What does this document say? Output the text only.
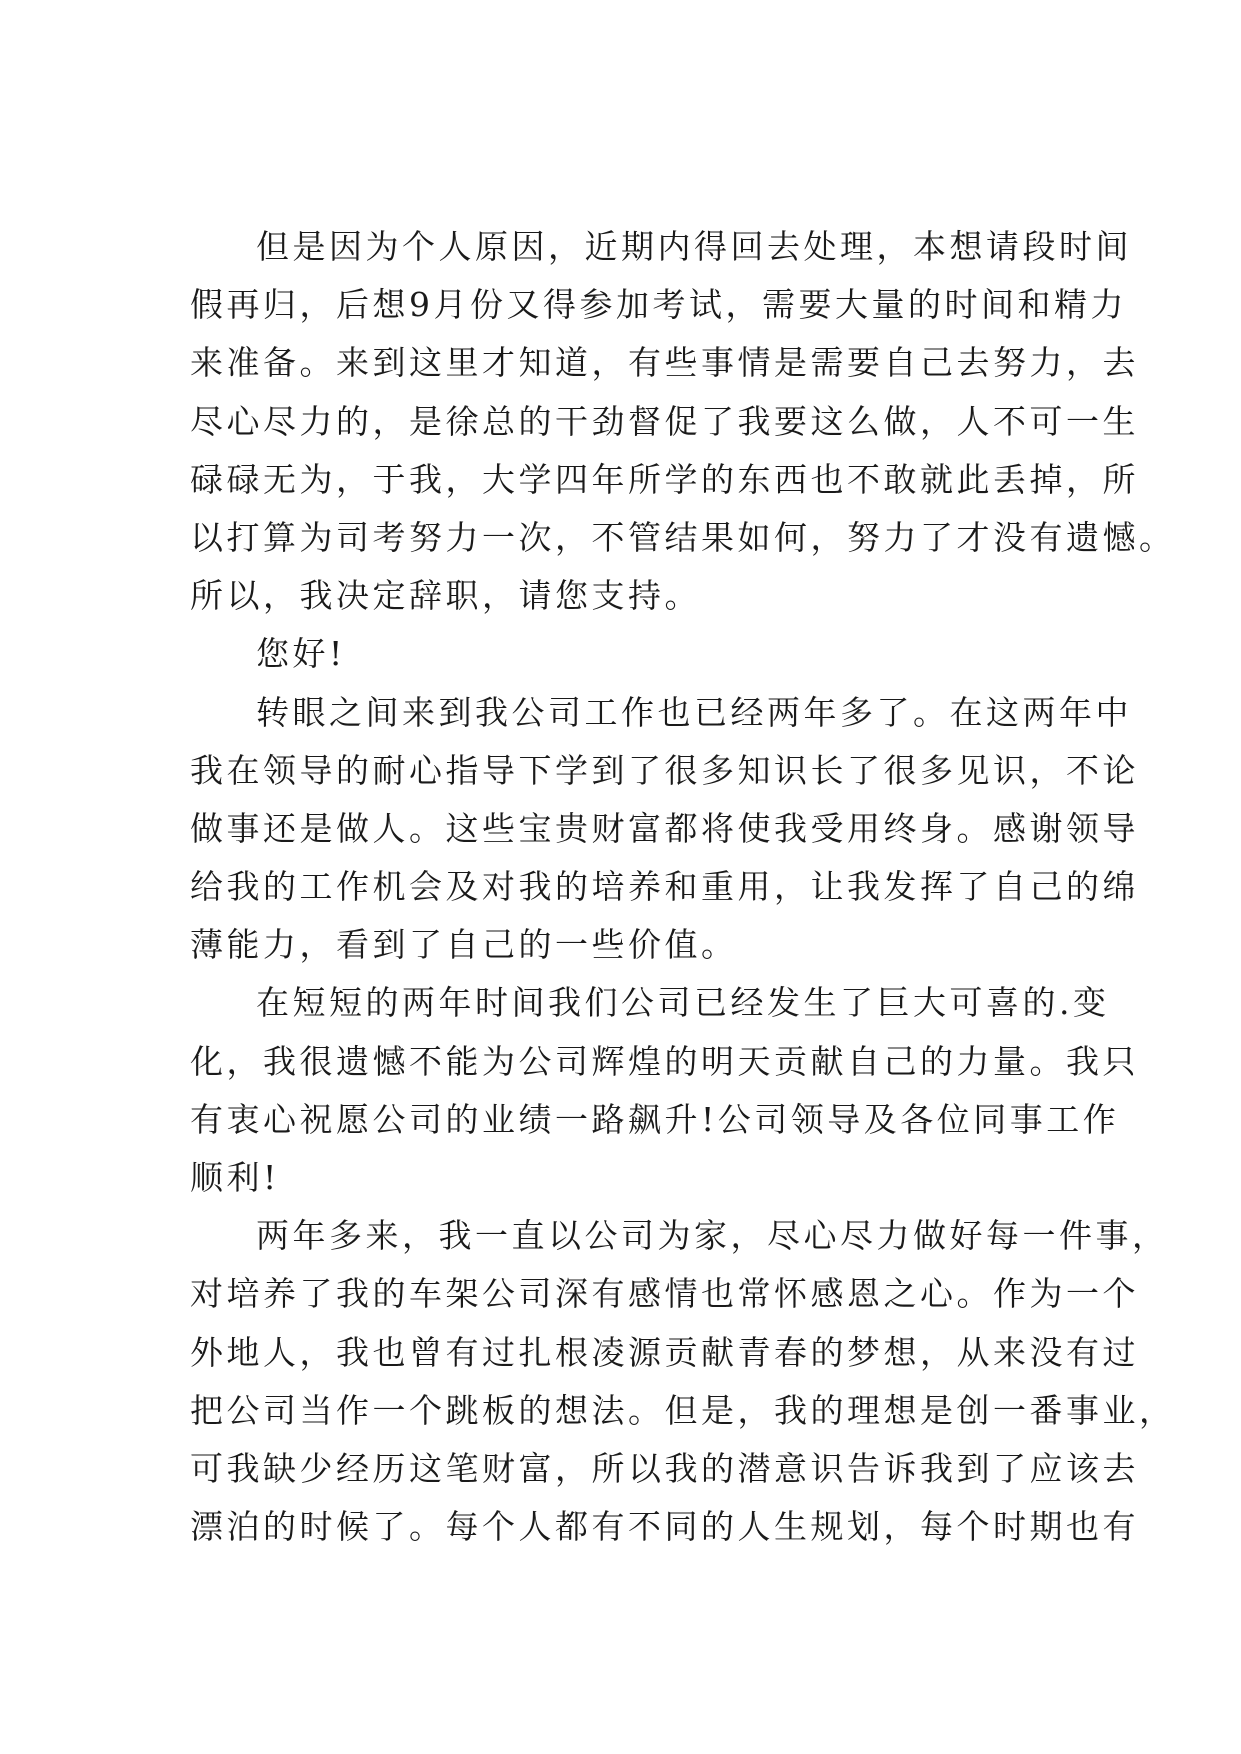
但是因为个人原因，近期内得回去处理，本想请段时间
假再归，后想9月份又得参加考试，需要大量的时间和精力
来准备。来到这里才知道，有些事情是需要自己去努力，去
尽心尽力的，是徐总的干劲督促了我要这么做，人不可一生
碌碌无为，于我，大学四年所学的东西也不敢就此丢掉，所
以打算为司考努力一次，不管结果如何，努力了才没有遗憾。
所以，我决定辞职，请您支持。
您好!
转眼之间来到我公司工作也已经两年多了。在这两年中
我在领导的耐心指导下学到了很多知识长了很多见识，不论
做事还是做人。这些宝贵财富都将使我受用终身。感谢领导
给我的工作机会及对我的培养和重用，让我发挥了自己的绵
薄能力，看到了自己的一些价值。
在短短的两年时间我们公司已经发生了巨大可喜的.变
化，我很遗憾不能为公司辉煌的明天贡献自己的力量。我只
有衷心祝愿公司的业绩一路飙升!公司领导及各位同事工作
顺利!
两年多来，我一直以公司为家，尽心尽力做好每一件事，
对培养了我的车架公司深有感情也常怀感恩之心。作为一个
外地人，我也曾有过扎根凌源贡献青春的梦想，从来没有过
把公司当作一个跳板的想法。但是，我的理想是创一番事业，
可我缺少经历这笔财富，所以我的潜意识告诉我到了应该去
漂泊的时候了。每个人都有不同的人生规划，每个时期也有
